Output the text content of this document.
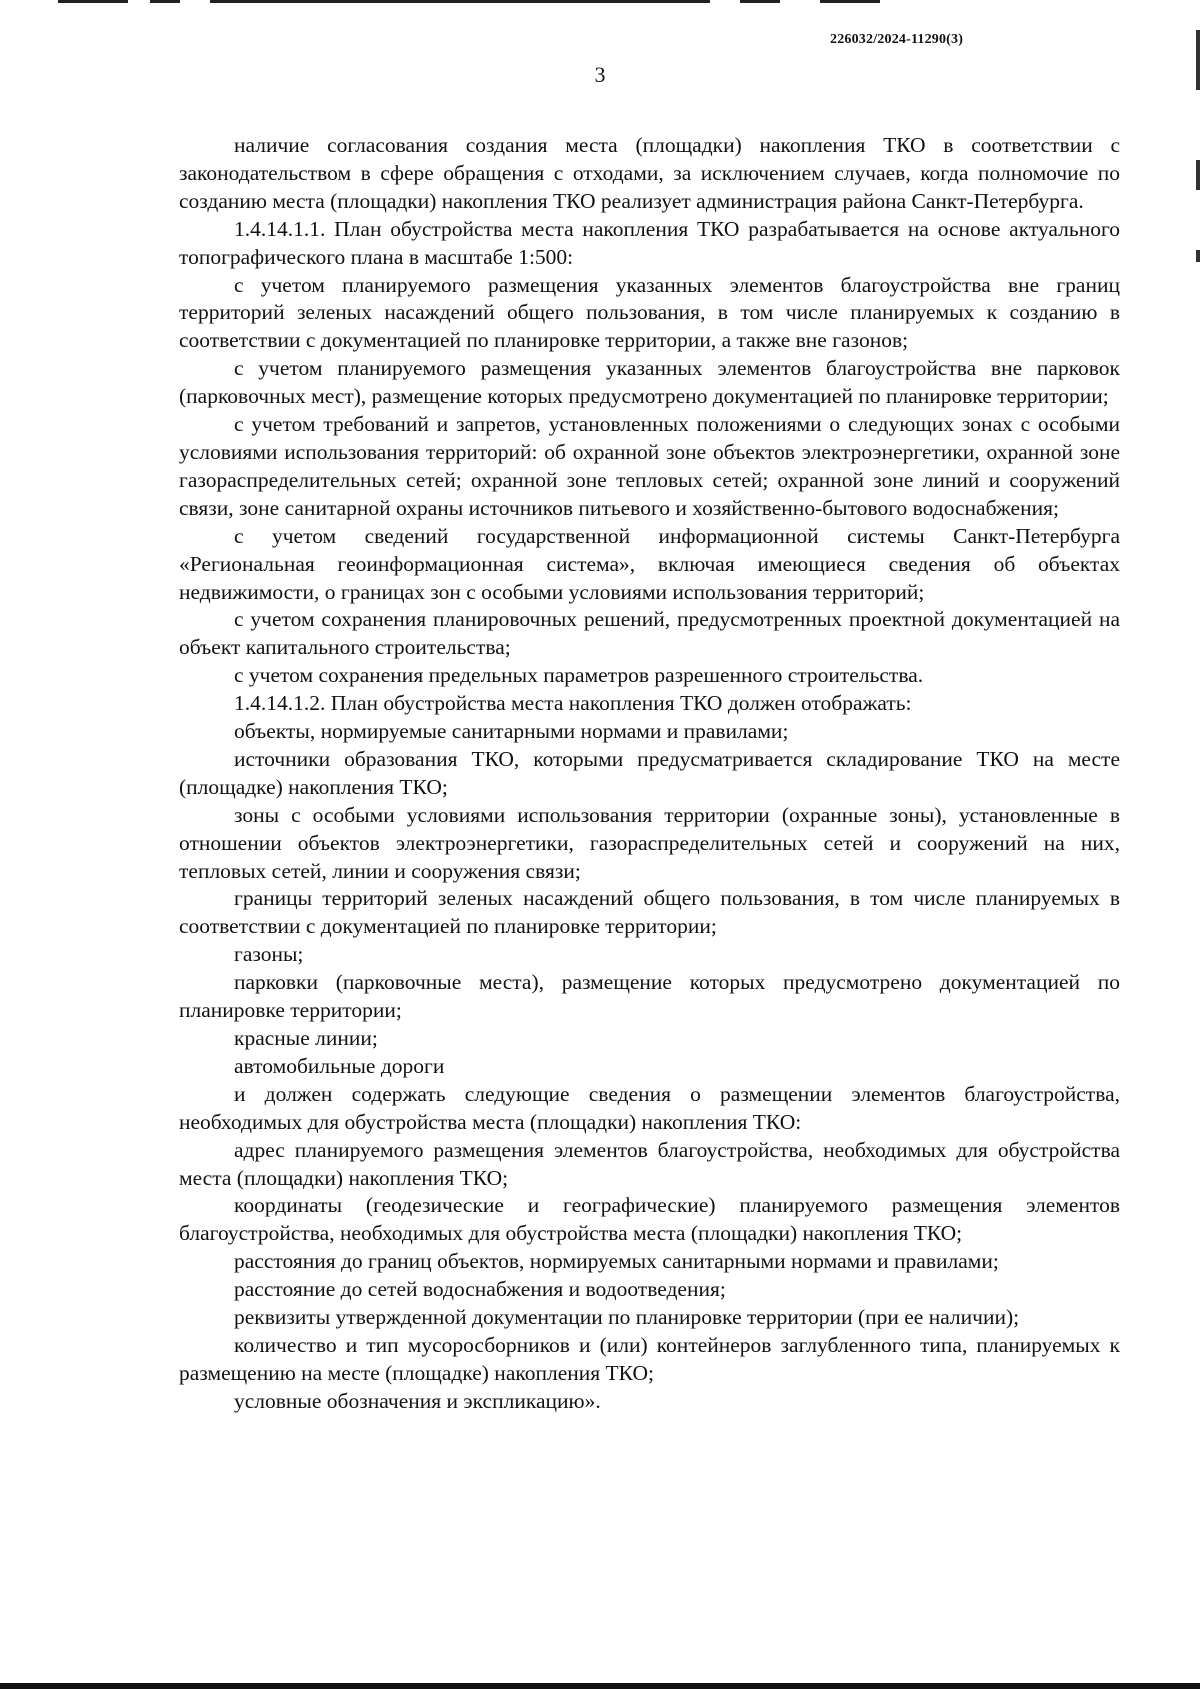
226032/2024-11290(3)
3

наличие согласования создания места (площадки) накопления ТКО в соответствии с законодательством в сфере обращения с отходами, за исключением случаев, когда полномочие по созданию места (площадки) накопления ТКО реализует администрация района Санкт-Петербурга.

1.4.14.1.1. План обустройства места накопления ТКО разрабатывается на основе актуального топографического плана в масштабе 1:500:

с учетом планируемого размещения указанных элементов благоустройства вне границ территорий зеленых насаждений общего пользования, в том числе планируемых к созданию в соответствии с документацией по планировке территории, а также вне газонов;

с учетом планируемого размещения указанных элементов благоустройства вне парковок (парковочных мест), размещение которых предусмотрено документацией по планировке территории;

с учетом требований и запретов, установленных положениями о следующих зонах с особыми условиями использования территорий: об охранной зоне объектов электроэнергетики, охранной зоне газораспределительных сетей; охранной зоне тепловых сетей; охранной зоне линий и сооружений связи, зоне санитарной охраны источников питьевого и хозяйственно-бытового водоснабжения;

с учетом сведений государственной информационной системы Санкт-Петербурга «Региональная геоинформационная система», включая имеющиеся сведения об объектах недвижимости, о границах зон с особыми условиями использования территорий;

с учетом сохранения планировочных решений, предусмотренных проектной документацией на объект капитального строительства;

с учетом сохранения предельных параметров разрешенного строительства.

1.4.14.1.2. План обустройства места накопления ТКО должен отображать:

объекты, нормируемые санитарными нормами и правилами;

источники образования ТКО, которыми предусматривается складирование ТКО на месте (площадке) накопления ТКО;

зоны с особыми условиями использования территории (охранные зоны), установленные в отношении объектов электроэнергетики, газораспределительных сетей и сооружений на них, тепловых сетей, линии и сооружения связи;

границы территорий зеленых насаждений общего пользования, в том числе планируемых в соответствии с документацией по планировке территории;

газоны;

парковки (парковочные места), размещение которых предусмотрено документацией по планировке территории;

красные линии;

автомобильные дороги

и должен содержать следующие сведения о размещении элементов благоустройства, необходимых для обустройства места (площадки) накопления ТКО:

адрес планируемого размещения элементов благоустройства, необходимых для обустройства места (площадки) накопления ТКО;

координаты (геодезические и географические) планируемого размещения элементов благоустройства, необходимых для обустройства места (площадки) накопления ТКО;

расстояния до границ объектов, нормируемых санитарными нормами и правилами;

расстояние до сетей водоснабжения и водоотведения;

реквизиты утвержденной документации по планировке территории (при ее наличии);

количество и тип мусоросборников и (или) контейнеров заглубленного типа, планируемых к размещению на месте (площадке) накопления ТКО;

условные обозначения и экспликацию».
